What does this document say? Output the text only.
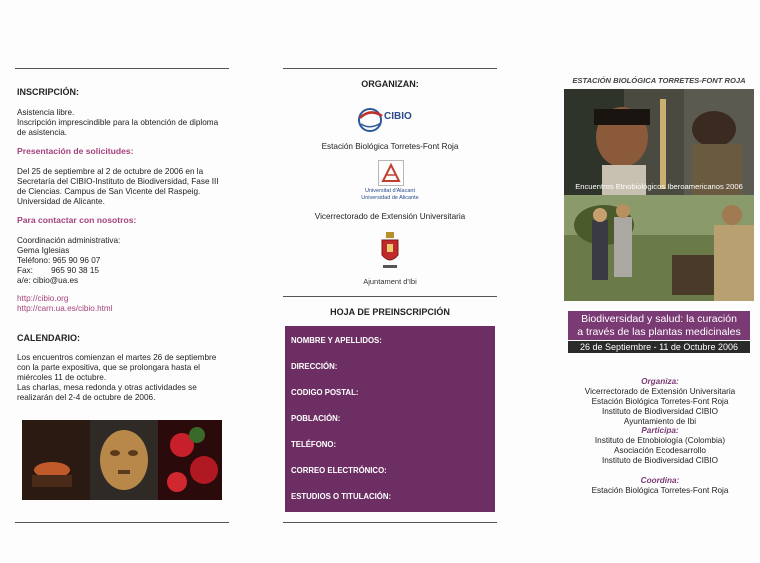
INSCRIPCIÓN:
Asistencia libre.
Inscripción imprescindible para la obtención de diploma
de asistencia.
Presentación de solicitudes:
Del 25 de septiembre al 2 de octubre de 2006 en la
Secretaría del CIBIO-Instituto de Biodiversidad, Fase III
de Ciencias. Campus de San Vicente del Raspeig.
Universidad de Alicante.
Para contactar con nosotros:
Coordinación administrativa:
Gema Iglesias
Teléfono: 965 90 96 07
Fax:        965 90 38 15
a/e: cibio@ua.es
http://cibio.org
http://carn.ua.es/cibio.html
CALENDARIO:
Los encuentros comienzan el martes 26 de septiembre
con la parte expositiva, que se prolongara hasta el
miércoles 11 de octubre.
Las charlas, mesa redonda y otras actividades se
realizarán del 2-4 de octubre de 2006.
ORGANIZAN:
CIBIO
Estación Biológica Torretes-Font Roja
Universitat d'Alacant
Universidad de Alicante
Vicerrectorado de Extensión Universitaria
Ajuntament d'Ibi
HOJA DE PREINSCRIPCIÓN
NOMBRE Y APELLIDOS:
DIRECCIÓN:
CODIGO POSTAL:
POBLACIÓN:
TELÉFONO:
CORREO ELECTRÓNICO:
ESTUDIOS O TITULACIÓN:
ESTACIÓN BIOLÓGICA TORRETES-FONT ROJA
Encuentros Etnobiológicos Iberoamericanos 2006
Biodiversidad y salud: la curación
a través de las plantas medicinales
26 de Septiembre - 11 de Octubre 2006
Organiza:
Vicerrectorado de Extensión Universitaria
Estación Biológica Torretes-Font Roja
Instituto de Biodiversidad CIBIO
Ayuntamiento de Ibi
Participa:
Instituto de Etnobiología (Colombia)
Asociación Ecodesarrollo
Instituto de Biodiversidad CIBIO
Coordina:
Estación Biológica Torretes-Font Roja
